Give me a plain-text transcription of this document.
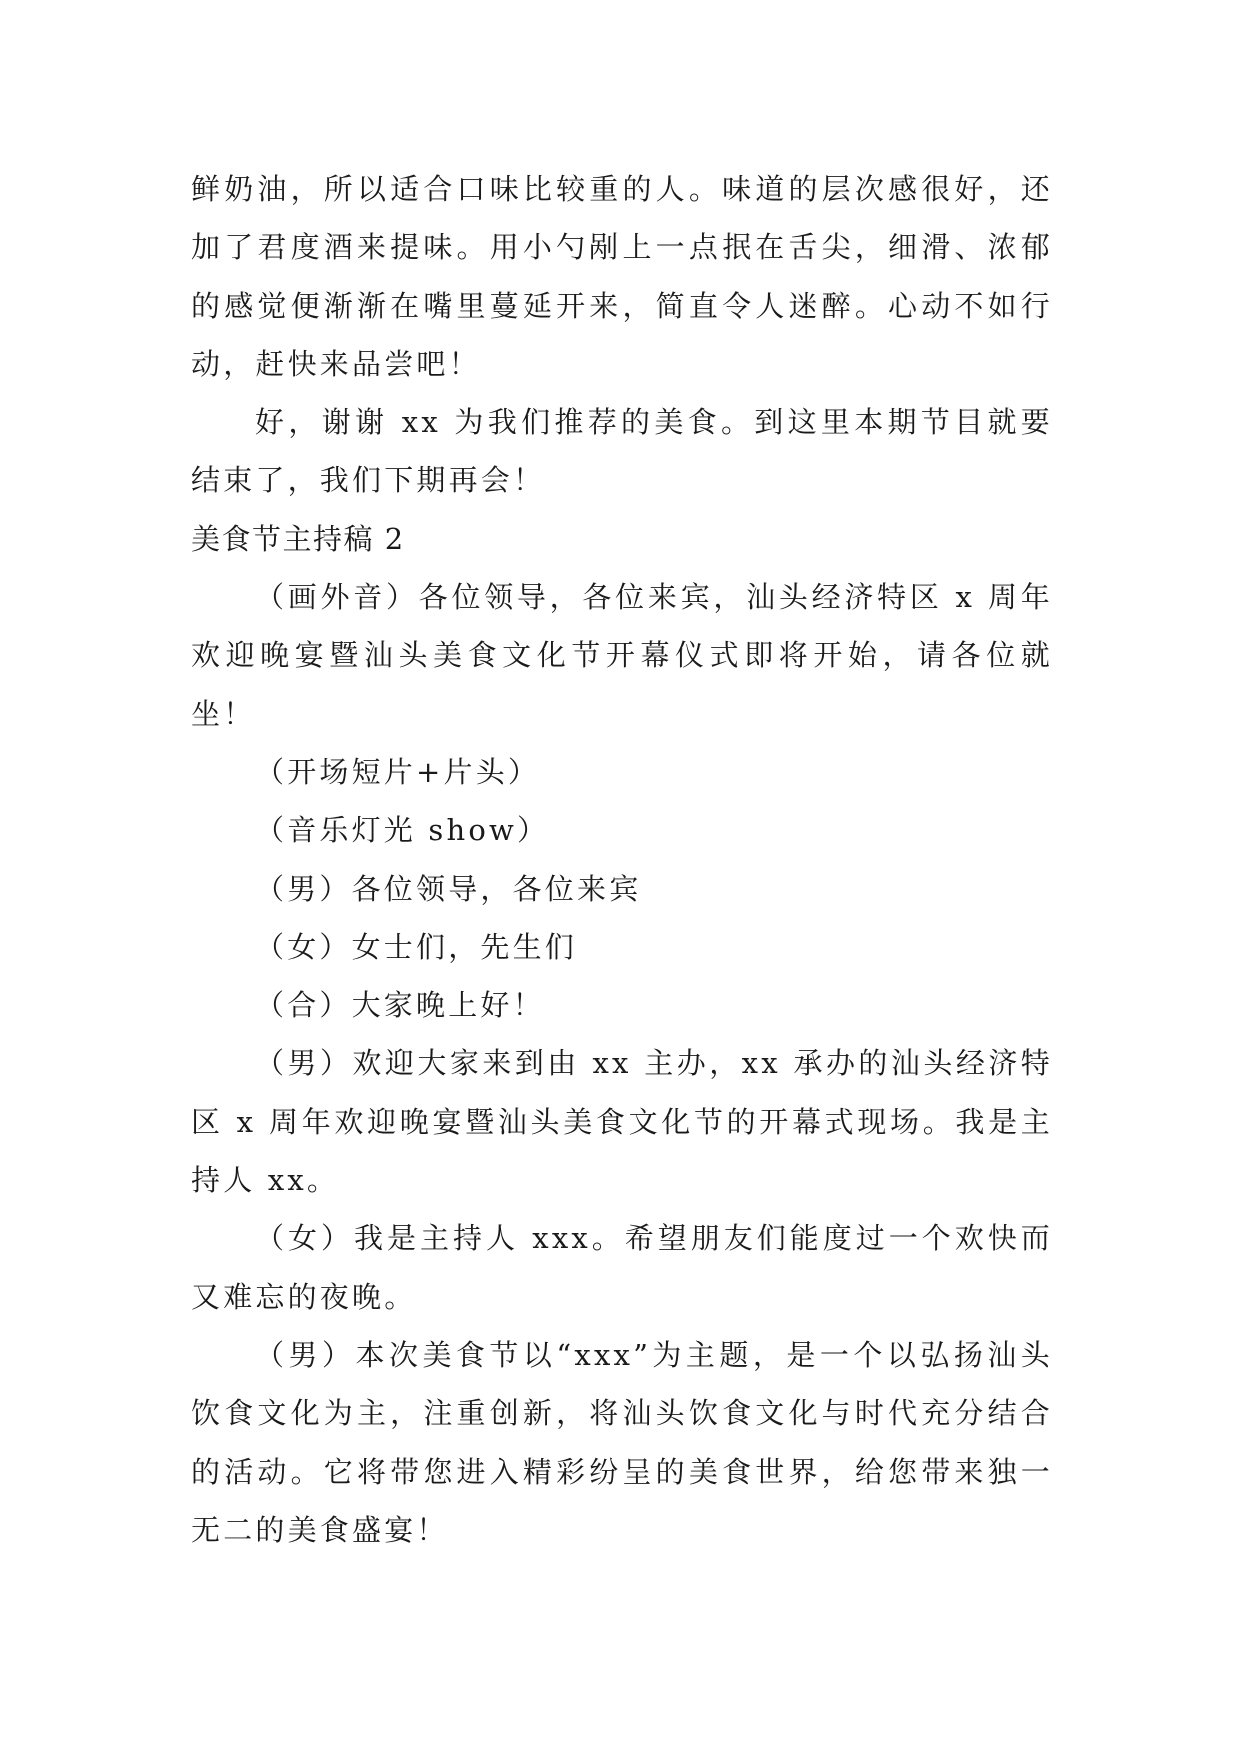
鲜奶油，所以适合口味比较重的人。味道的层次感很好，还加了君度酒来提味。用小勺剐上一点抿在舌尖，细滑、浓郁的感觉便渐渐在嘴里蔓延开来，简直令人迷醉。心动不如行动，赶快来品尝吧！

好，谢谢 xx 为我们推荐的美食。到这里本期节目就要结束了，我们下期再会！

美食节主持稿 2

（画外音）各位领导，各位来宾，汕头经济特区 x 周年欢迎晚宴暨汕头美食文化节开幕仪式即将开始，请各位就坐！

（开场短片+片头）

（音乐灯光 show）

（男）各位领导，各位来宾

（女）女士们，先生们

（合）大家晚上好！

（男）欢迎大家来到由 xx 主办，xx 承办的汕头经济特区 x 周年欢迎晚宴暨汕头美食文化节的开幕式现场。我是主持人 xx。

（女）我是主持人 xxx。希望朋友们能度过一个欢快而又难忘的夜晚。

（男）本次美食节以“xxx”为主题，是一个以弘扬汕头饮食文化为主，注重创新，将汕头饮食文化与时代充分结合的活动。它将带您进入精彩纷呈的美食世界，给您带来独一无二的美食盛宴！
